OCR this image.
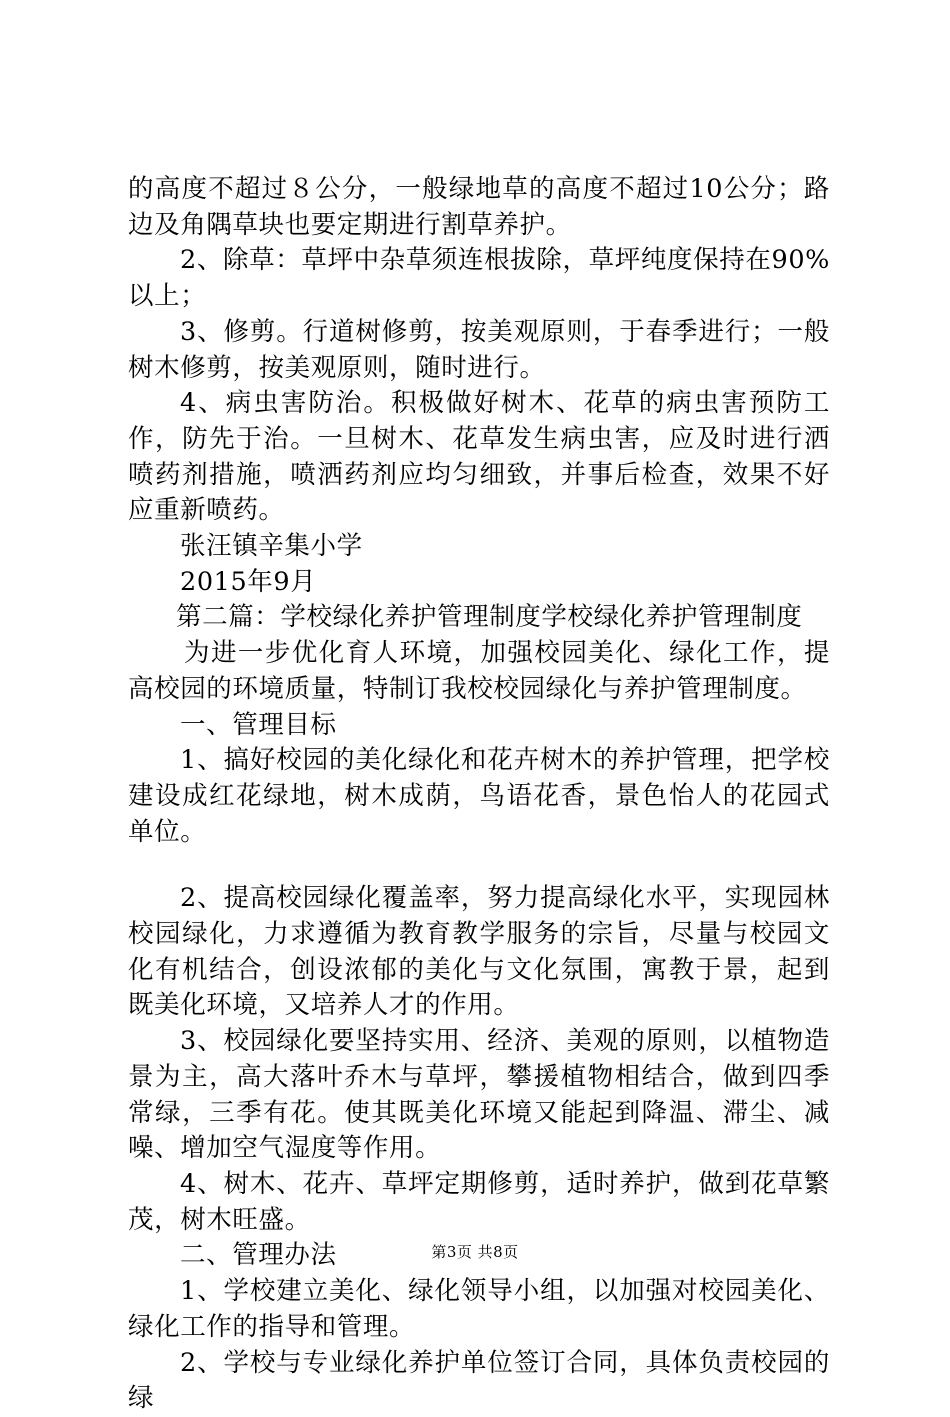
的高度不超过８公分，一般绿地草的高度不超过10公分；路边及角隅草块也要定期进行割草养护。

2、除草：草坪中杂草须连根拔除，草坪纯度保持在90%以上；

3、修剪。行道树修剪，按美观原则，于春季进行；一般树木修剪，按美观原则，随时进行。

4、病虫害防治。积极做好树木、花草的病虫害预防工作，防先于治。一旦树木、花草发生病虫害，应及时进行洒喷药剂措施，喷洒药剂应均匀细致，并事后检查，效果不好应重新喷药。

张汪镇辛集小学

2015年9月

第二篇：学校绿化养护管理制度学校绿化养护管理制度

为进一步优化育人环境，加强校园美化、绿化工作，提高校园的环境质量，特制订我校校园绿化与养护管理制度。

一、管理目标

1、搞好校园的美化绿化和花卉树木的养护管理，把学校建设成红花绿地，树木成荫，鸟语花香，景色怡人的花园式单位。

2、提高校园绿化覆盖率，努力提高绿化水平，实现园林校园绿化，力求遵循为教育教学服务的宗旨，尽量与校园文化有机结合，创设浓郁的美化与文化氛围，寓教于景，起到既美化环境，又培养人才的作用。

3、校园绿化要坚持实用、经济、美观的原则，以植物造景为主，高大落叶乔木与草坪，攀援植物相结合，做到四季常绿，三季有花。使其既美化环境又能起到降温、滞尘、减噪、增加空气湿度等作用。

4、树木、花卉、草坪定期修剪，适时养护，做到花草繁茂，树木旺盛。

二、管理办法

1、学校建立美化、绿化领导小组，以加强对校园美化、绿化工作的指导和管理。

2、学校与专业绿化养护单位签订合同，具体负责校园的绿

第3页 共8页
